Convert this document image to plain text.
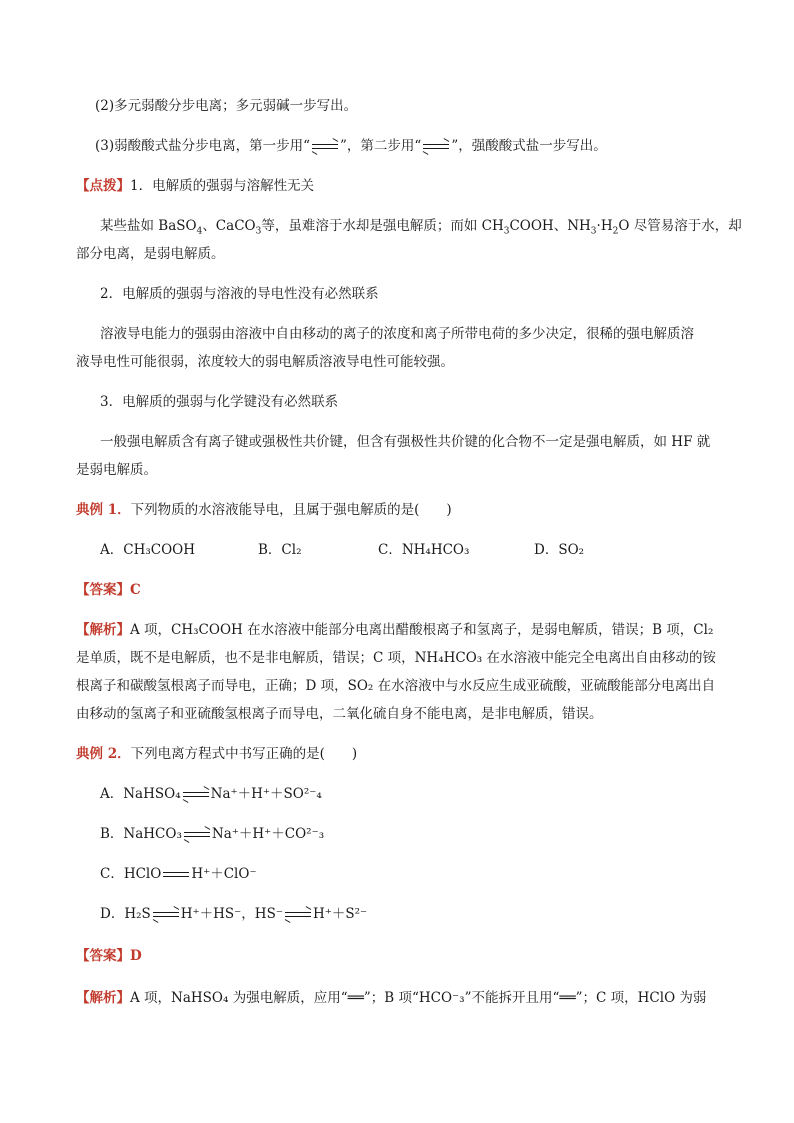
(2)多元弱酸分步电离；多元弱碱一步写出。
(3)弱酸酸式盐分步电离，第一步用“ ⇌ ”，第二步用“ ⇌ ”，强酸酸式盐一步写出。
【点拨】1．电解质的强弱与溶解性无关
某些盐如 BaSO$_4$、CaCO$_3$等，虽难溶于水却是强电解质；而如 $CH_3COOH$、$NH_3\cdot H_2O$ 尽管易溶于水，却
部分电离，是弱电解质。
2．电解质的强弱与溶液的导电性没有必然联系
溶液导电能力的强弱由溶液中自由移动的离子的浓度和离子所带电荷的多少决定，很稀的强电解质溶
液导电性可能很弱，浓度较大的弱电解质溶液导电性可能较强。
3．电解质的强弱与化学键没有必然联系
一般强电解质含有离子键或强极性共价键，但含有强极性共价键的化合物不一定是强电解质，如 HF 就
是弱电解质。
典例 1．下列物质的水溶液能导电，且属于强电解质的是(　　)
A．CH₃COOH	B．Cl₂	C．NH₄HCO₃	D．SO₂
【答案】C
【解析】A 项，CH₃COOH 在水溶液中能部分电离出醋酸根离子和氢离子，是弱电解质，错误；B 项，Cl₂
是单质，既不是电解质，也不是非电解质，错误；C 项，NH₄HCO₃ 在水溶液中能完全电离出自由移动的铵
根离子和碳酸氢根离子而导电，正确；D 项，SO₂ 在水溶液中与水反应生成亚硫酸，亚硫酸能部分电离出自
由移动的氢离子和亚硫酸氢根离子而导电，二氧化硫自身不能电离，是非电解质，错误。
典例 2．下列电离方程式中书写正确的是(　　)
A．NaHSO₄ ⇌ Na⁺＋H⁺＋SO²⁻₄
B．NaHCO₃ ⇌ Na⁺＋H⁺＋CO²⁻₃
C．HClO H⁺＋ClO⁻
D．H₂S ⇌ H⁺＋HS⁻，HS⁻ ⇌ H⁺＋S²⁻
【答案】D
【解析】A 项，NaHSO₄ 为强电解质，应用“══”；B 项“HCO⁻₃”不能拆开且用“══”；C 项，HClO 为弱
